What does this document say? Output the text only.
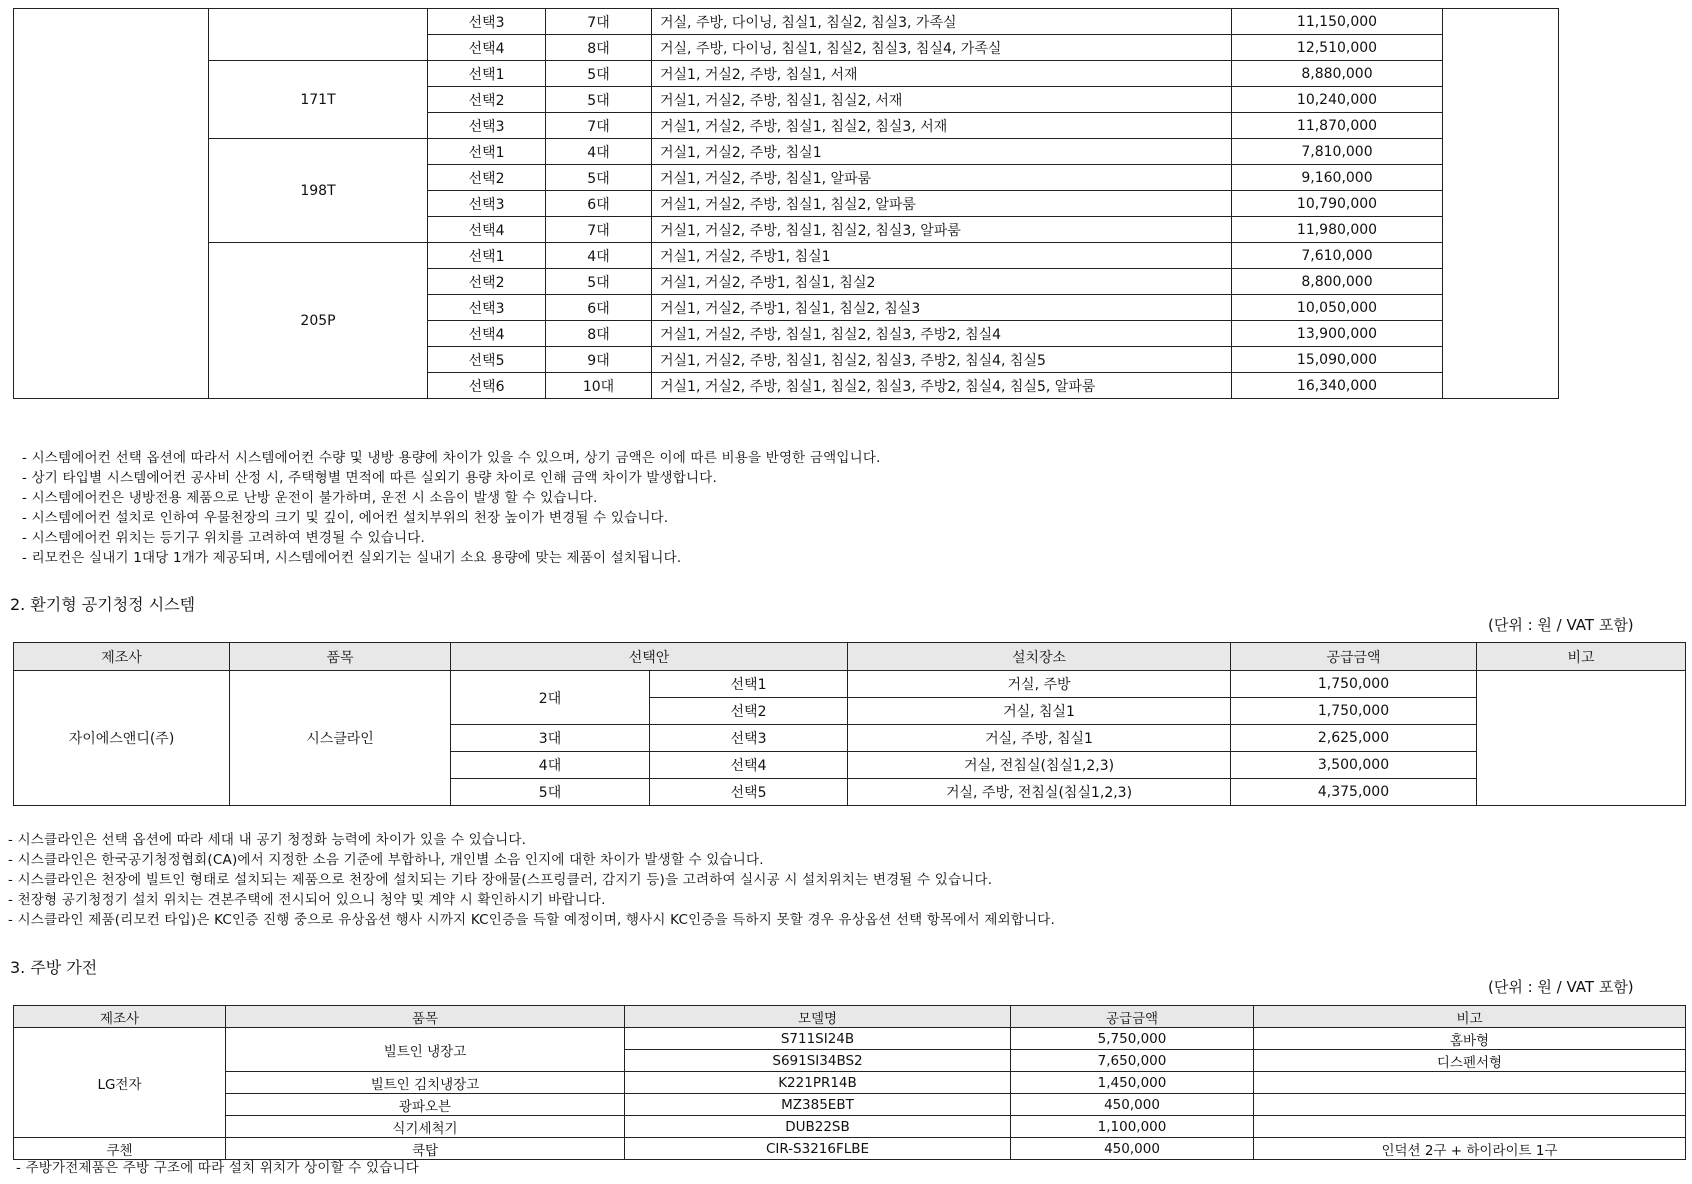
		선택3	7대	거실, 주방, 다이닝, 침실1, 침실2, 침실3, 가족실	11,150,000	
		선택4	8대	거실, 주방, 다이닝, 침실1, 침실2, 침실3, 침실4, 가족실	12,510,000	
	171T	선택1	5대	거실1, 거실2, 주방, 침실1, 서재	8,880,000	
		선택2	5대	거실1, 거실2, 주방, 침실1, 침실2, 서재	10,240,000	
		선택3	7대	거실1, 거실2, 주방, 침실1, 침실2, 침실3, 서재	11,870,000	
	198T	선택1	4대	거실1, 거실2, 주방, 침실1	7,810,000	
		선택2	5대	거실1, 거실2, 주방, 침실1, 알파룸	9,160,000	
		선택3	6대	거실1, 거실2, 주방, 침실1, 침실2, 알파룸	10,790,000	
		선택4	7대	거실1, 거실2, 주방, 침실1, 침실2, 침실3, 알파룸	11,980,000	
	205P	선택1	4대	거실1, 거실2, 주방1, 침실1	7,610,000	
		선택2	5대	거실1, 거실2, 주방1, 침실1, 침실2	8,800,000	
		선택3	6대	거실1, 거실2, 주방1, 침실1, 침실2, 침실3	10,050,000	
		선택4	8대	거실1, 거실2, 주방, 침실1, 침실2, 침실3, 주방2, 침실4	13,900,000	
		선택5	9대	거실1, 거실2, 주방, 침실1, 침실2, 침실3, 주방2, 침실4, 침실5	15,090,000	
		선택6	10대	거실1, 거실2, 주방, 침실1, 침실2, 침실3, 주방2, 침실4, 침실5, 알파룸	16,340,000	
- 시스템에어컨 선택 옵션에 따라서 시스템에어컨 수량 및 냉방 용량에 차이가 있을 수 있으며, 상기 금액은 이에 따른 비용을 반영한 금액입니다.
- 상기 타입별 시스템에어컨 공사비 산정 시, 주택형별 면적에 따른 실외기 용량 차이로 인해 금액 차이가 발생합니다.
- 시스템에어컨은 냉방전용 제품으로 난방 운전이 불가하며, 운전 시 소음이 발생 할 수 있습니다.
- 시스템에어컨 설치로 인하여 우물천장의 크기 및 깊이, 에어컨 설치부위의 천장 높이가 변경될 수 있습니다.
- 시스템에어컨 위치는 등기구 위치를 고려하여 변경될 수 있습니다.
- 리모컨은 실내기 1대당 1개가 제공되며, 시스템에어컨 실외기는 실내기 소요 용량에 맞는 제품이 설치됩니다.
2. 환기형 공기청정 시스템
(단위 : 원 / VAT 포함)
제조사	품목	선택안		설치장소	공급금액	비고
자이에스앤디(주)	시스클라인	2대	선택1	거실, 주방	1,750,000	
			선택2	거실, 침실1	1,750,000	
		3대	선택3	거실, 주방, 침실1	2,625,000	
		4대	선택4	거실, 전침실(침실1,2,3)	3,500,000	
		5대	선택5	거실, 주방, 전침실(침실1,2,3)	4,375,000	
- 시스클라인은 선택 옵션에 따라 세대 내 공기 청정화 능력에 차이가 있을 수 있습니다.
- 시스클라인은 한국공기청정협회(CA)에서 지정한 소음 기준에 부합하나, 개인별 소음 인지에 대한 차이가 발생할 수 있습니다.
- 시스클라인은 천장에 빌트인 형태로 설치되는 제품으로 천장에 설치되는 기타 장애물(스프링클러, 감지기 등)을 고려하여 실시공 시 설치위치는 변경될 수 있습니다.
- 천장형 공기청정기 설치 위치는 견본주택에 전시되어 있으니 청약 및 계약 시 확인하시기 바랍니다.
- 시스클라인 제품(리모컨 타입)은 KC인증 진행 중으로 유상옵션 행사 시까지 KC인증을 득할 예정이며, 행사시 KC인증을 득하지 못할 경우 유상옵션 선택 항목에서 제외합니다.
3. 주방 가전
(단위 : 원 / VAT 포함)
제조사	품목	모델명	공급금액	비고
LG전자	빌트인 냉장고	S711SI24B	5,750,000	홈바형
		S691SI34BS2	7,650,000	디스펜서형
	빌트인 김치냉장고	K221PR14B	1,450,000	
	광파오븐	MZ385EBT	450,000	
	식기세척기	DUB22SB	1,100,000	
쿠첸	쿡탑	CIR-S3216FLBE	450,000	인덕션 2구 + 하이라이트 1구
- 주방가전제품은 주방 구조에 따라 설치 위치가 상이할 수 있습니다
